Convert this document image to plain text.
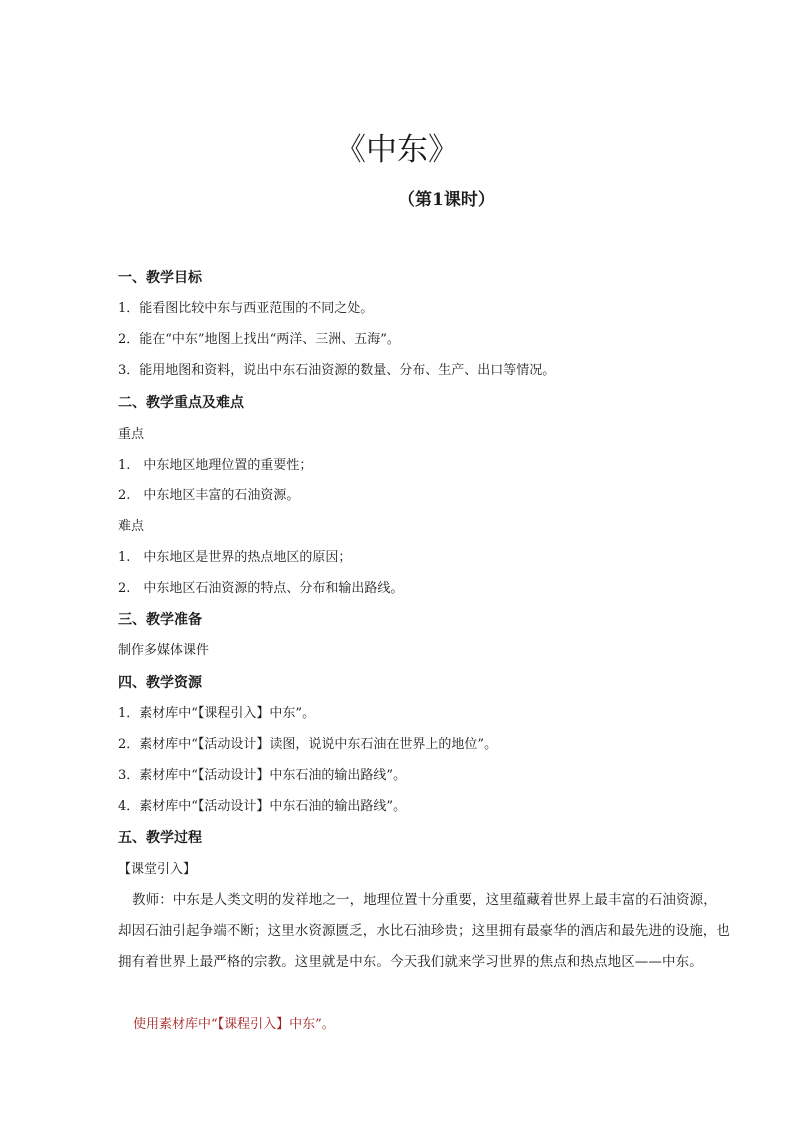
《中东》
（第1课时）
一、教学目标
1．能看图比较中东与西亚范围的不同之处。
2．能在“中东”地图上找出“两洋、三洲、五海”。
3．能用地图和资料，说出中东石油资源的数量、分布、生产、出口等情况。
二、教学重点及难点
重点
1.　中东地区地理位置的重要性；
2.　中东地区丰富的石油资源。
难点
1.　中东地区是世界的热点地区的原因；
2.　中东地区石油资源的特点、分布和输出路线。
三、教学准备
制作多媒体课件
四、教学资源
1．素材库中“【课程引入】中东”。
2．素材库中“【活动设计】读图，说说中东石油在世界上的地位”。
3．素材库中“【活动设计】中东石油的输出路线”。
4．素材库中“【活动设计】中东石油的输出路线”。
五、教学过程
【课堂引入】
教师：中东是人类文明的发祥地之一，地理位置十分重要，这里蕴藏着世界上最丰富的石油资源，却因石油引起争端不断；这里水资源匮乏，水比石油珍贵；这里拥有最豪华的酒店和最先进的设施，也拥有着世界上最严格的宗教。这里就是中东。今天我们就来学习世界的焦点和热点地区——中东。
使用素材库中“【课程引入】中东”。
